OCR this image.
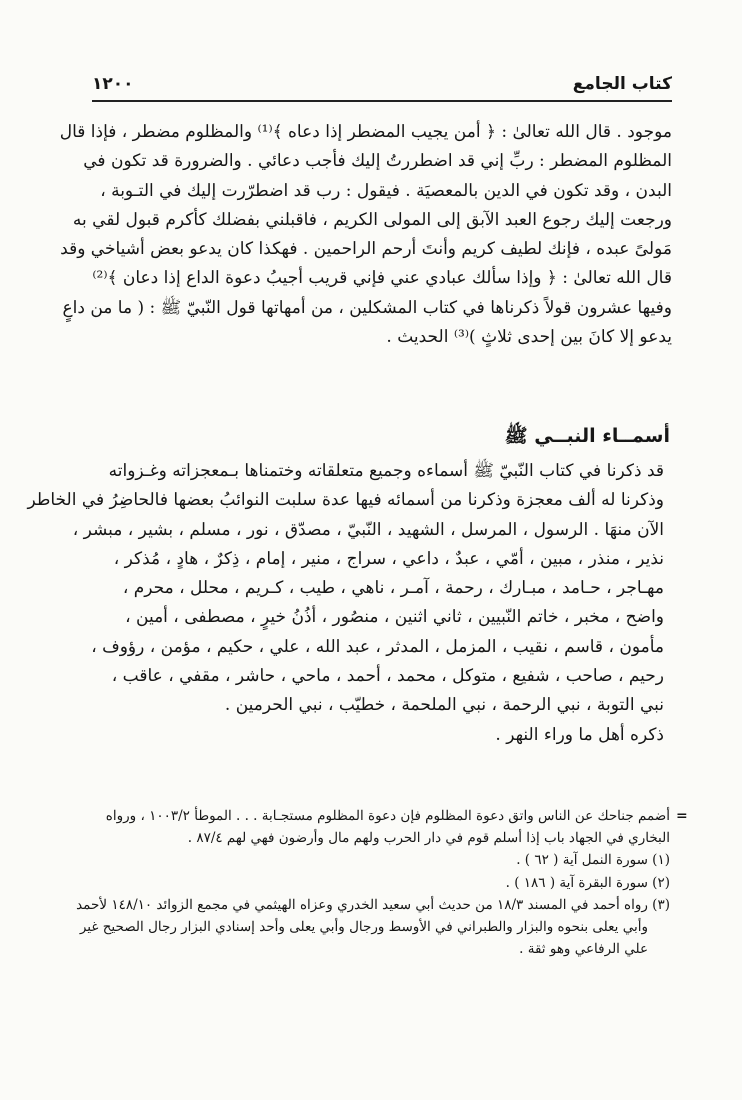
كتاب الجامع
١٢٠٠
موجود . قال الله تعالىٰ : ﴿ أمن يجيب المضطر إذا دعاه ﴾⁽¹⁾ والمظلوم مضطر ، فإذا قال
المظلوم المضطر : ربِّ إني قد اضطررتُ إليك فأجب دعائي . والضرورة قد تكون في
البدن ، وقد تكون في الدين بالمعصيَة . فيقول : رب قد اضطرّرت إليك في التـوبة ،
ورجعت إليك رجوع العبد الآبق إلى المولى الكريم ، فاقبلني بفضلك كأكرم قبول لقي به
مَولىً عبده ، فإنك لطيف كريم وأنتَ أرحم الراحمين . فهكذا كان يدعو بعض أشياخي وقد
قال الله تعالىٰ : ﴿ وإذا سألك عبادي عني فإني قريب أجيبُ دعوة الداع إذا دعان ﴾⁽²⁾
وفيها عشرون قولاً ذكرناها في كتاب المشكلين ، من أمهاتها قول النّبيّ ﷺ : ( ما من داعٍ
يدعو إلا كانَ بين إحدى ثلاثٍ )⁽³⁾ الحديث .
أسمــاء النبــي ﷺ
قد ذكرنا في كتاب النّبيّ ﷺ أسماءه وجميع متعلقاته وختمناها بـمعجزاته وغـزواته
وذكرنا له ألف معجزة وذكرنا من أسمائه فيها عدة سلبت النوائبُ بعضها فالحاضِرُ في الخاطر
الآن منهَا . الرسول ، المرسل ، الشهيد ، النّبيّ ، مصدّق ، نور ، مسلم ، بشير ، مبشر ،
نذير ، منذر ، مبين ، أمّي ، عبدٌ ، داعي ، سراج ، منير ، إمام ، ذِكرٌ ، هادٍ ، مُذكر ،
مهـاجر ، حـامد ، مبـارك ، رحمة ، آمـر ، ناهي ، طيب ، كـريم ، محلل ، محرم ،
واضح ، مخبر ، خاتم النّبيين ، ثاني اثنين ، منصُور ، أذُنُ خيرٍ ، مصطفى ، أمين ،
مأمون ، قاسم ، نقيب ، المزمل ، المدثر ، عبد الله ، علي ، حكيم ، مؤمن ، رؤوف ،
رحيم ، صاحب ، شفيع ، متوكل ، محمد ، أحمد ، ماحي ، حاشر ، مقفي ، عاقب ،
نبي التوبة ، نبي الرحمة ، نبي الملحمة ، خطيّب ، نبي الحرمين .
ذكره أهل ما وراء النهر .
=
أضمم جناحك عن الناس واتق دعوة المظلوم فإن دعوة المظلوم مستجـابة . . . الموطأ ١٠٠٣/٢ ، ورواه
البخاري في الجهاد باب إذا أسلم قوم في دار الحرب ولهم مال وأرضون فهي لهم ٨٧/٤ .
(١) سورة النمل آية ( ٦٢ ) .
(٢) سورة البقرة آية ( ١٨٦ ) .
(٣) رواه أحمد في المسند ١٨/٣ من حديث أبي سعيد الخدري وعزاه الهيثمي في مجمع الزوائد ١٤٨/١٠ لأحمد
وأبي يعلى بنحوه والبزار والطبراني في الأوسط ورجال وأبي يعلى وأحد إسنادي البزار رجال الصحيح غير
علي الرفاعي وهو ثقة .
